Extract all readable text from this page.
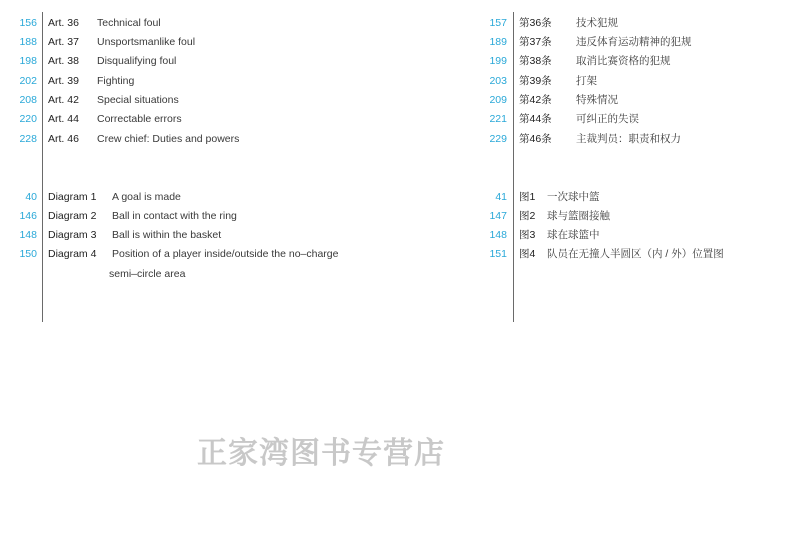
156 Art. 36 Technical foul
188 Art. 37 Unsportsmanlike foul
198 Art. 38 Disqualifying foul
202 Art. 39 Fighting
208 Art. 42 Special situations
220 Art. 44 Correctable errors
228 Art. 46 Crew chief: Duties and powers
40 Diagram 1 A goal is made
146 Diagram 2 Ball in contact with the ring
148 Diagram 3 Ball is within the basket
150 Diagram 4 Position of a player inside/outside the no–charge
semi–circle area
157 第36条 技术犯规
189 第37条 违反体育运动精神的犯规
199 第38条 取消比赛资格的犯规
203 第39条 打架
209 第42条 特殊情况
221 第44条 可纠正的失误
229 第46条 主裁判员：职责和权力
41 图1 一次球中篮
147 图2 球与篮圈接触
148 图3 球在球篮中
151 图4 队员在无撞人半圆区（内 / 外）位置图
正家湾图书专营店
